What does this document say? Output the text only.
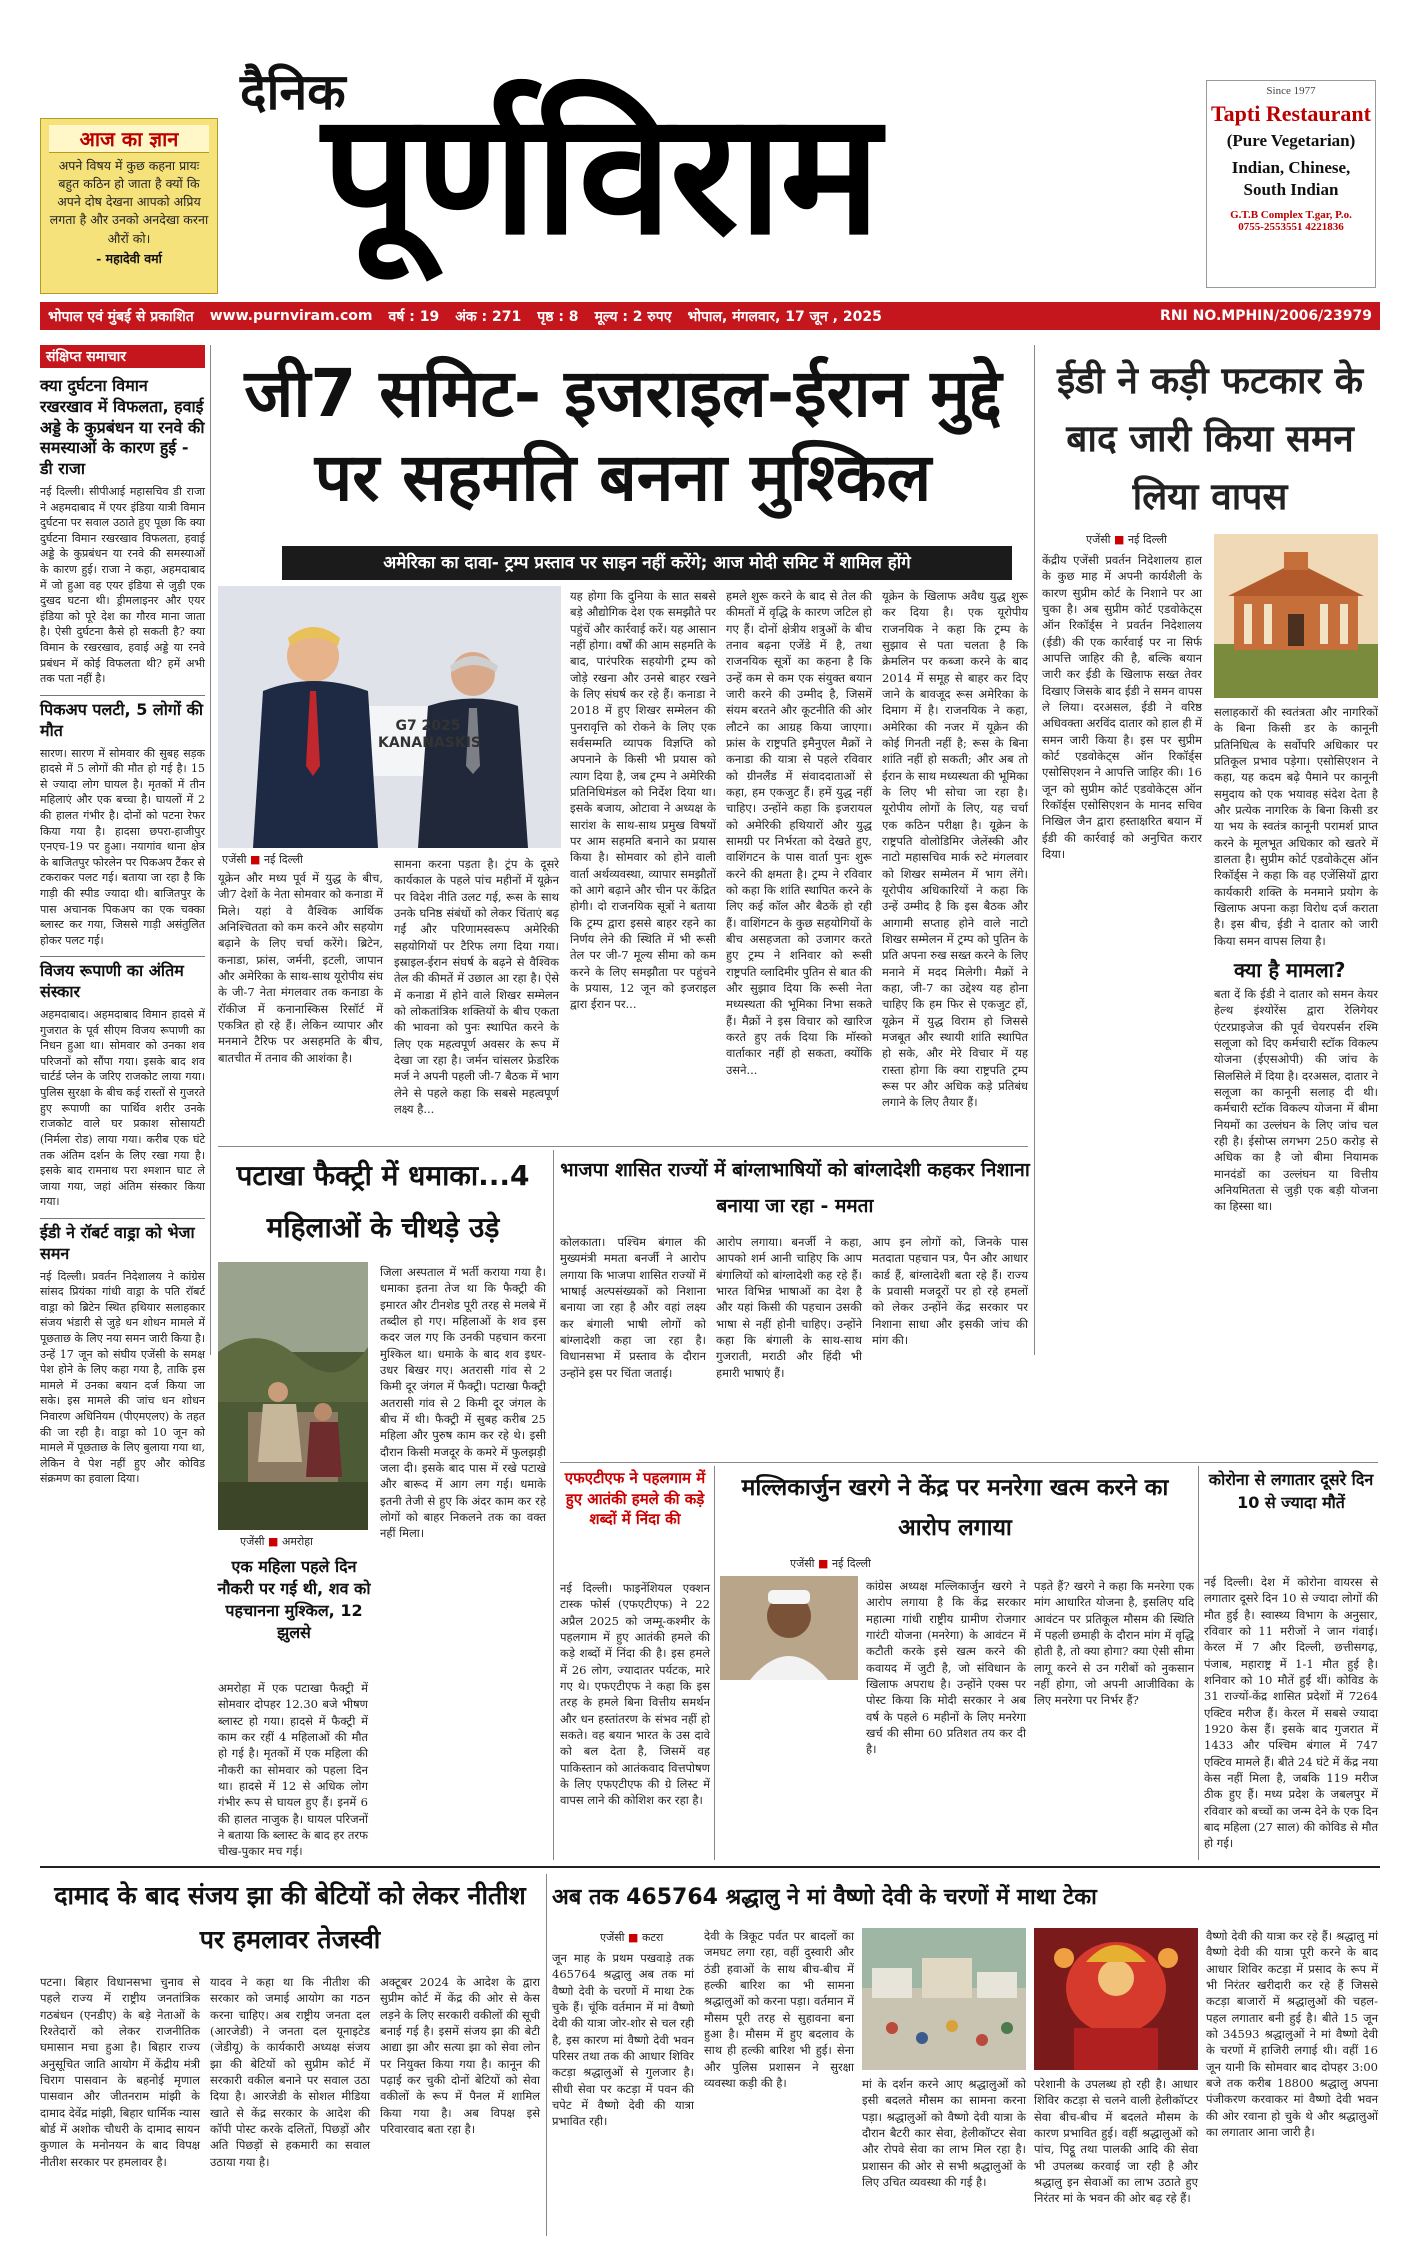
आज का ज्ञान
अपने विषय में कुछ कहना प्रायः बहुत कठिन हो जाता है क्यों कि अपने दोष देखना आपको अप्रिय लगता है और उनको अनदेखा करना औरों को।
- महादेवी वर्मा
दैनिक
पूर्णविराम	Since 1977
Tapti Restaurant
(Pure Vegetarian)
Indian, Chinese, South Indian
G.T.B Complex T.gar, P.o.
0755-2553551 4221836
भोपाल एवं मुंबई से प्रकाशित www.purnviram.com वर्ष : 19 अंक : 271 पृष्ठ : 8 मूल्य : 2 रुपए भोपाल, मंगलवार, 17 जून , 2025	RNI NO.MPHIN/2006/23979
संक्षिप्त समाचार
क्या दुर्घटना विमान रखरखाव में विफलता, हवाई अड्डे के कुप्रबंधन या रनवे की समस्याओं के कारण हुई - डी राजा
नई दिल्ली। सीपीआई महासचिव डी राजा ने अहमदाबाद में एयर इंडिया यात्री विमान दुर्घटना पर सवाल उठाते हुए पूछा कि क्या दुर्घटना विमान रखरखाव विफलता, हवाई अड्डे के कुप्रबंधन या रनवे की समस्याओं के कारण हुई। राजा ने कहा, अहमदाबाद में जो हुआ वह एयर इंडिया से जुड़ी एक दुखद घटना थी। ड्रीमलाइनर और एयर इंडिया को पूरे देश का गौरव माना जाता है। ऐसी दुर्घटना कैसे हो सकती है? क्या विमान के रखरखाव, हवाई अड्डे या रनवे प्रबंधन में कोई विफलता थी? हमें अभी तक पता नहीं है।
पिकअप पलटी, 5 लोगों की मौत
सारण। सारण में सोमवार की सुबह सड़क हादसे में 5 लोगों की मौत हो गई है। 15 से ज्यादा लोग घायल है। मृतकों में तीन महिलाएं और एक बच्चा है। घायलों में 2 की हालत गंभीर है। दोनों को पटना रेफर किया गया है। हादसा छपरा-हाजीपुर एनएच-19 पर हुआ। नयागांव थाना क्षेत्र के बाजितपुर फोरलेन पर पिकअप टैंकर से टकराकर पलट गई। बताया जा रहा है कि गाड़ी की स्पीड ज्यादा थी। बाजितपुर के पास अचानक पिकअप का एक चक्का ब्लास्ट कर गया, जिससे गाड़ी असंतुलित होकर पलट गई।
विजय रूपाणी का अंतिम संस्कार
अहमदाबाद। अहमदाबाद विमान हादसे में गुजरात के पूर्व सीएम विजय रूपाणी का निधन हुआ था। सोमवार को उनका शव परिजनों को सौंपा गया। इसके बाद शव चार्टर्ड प्लेन के जरिए राजकोट लाया गया। पुलिस सुरक्षा के बीच कई रास्तों से गुजरते हुए रूपाणी का पार्थिव शरीर उनके राजकोट वाले घर प्रकाश सोसायटी (निर्मला रोड) लाया गया। करीब एक घंटे तक अंतिम दर्शन के लिए रखा गया है। इसके बाद रामनाथ परा श्मशान घाट ले जाया गया, जहां अंतिम संस्कार किया गया।
ईडी ने रॉबर्ट वाड्रा को भेजा समन
नई दिल्ली। प्रवर्तन निदेशालय ने कांग्रेस सांसद प्रियंका गांधी वाड्रा के पति रॉबर्ट वाड्रा को ब्रिटेन स्थित हथियार सलाहकार संजय भंडारी से जुड़े धन शोधन मामले में पूछताछ के लिए नया समन जारी किया है। उन्हें 17 जून को संघीय एजेंसी के समक्ष पेश होने के लिए कहा गया है, ताकि इस मामले में उनका बयान दर्ज किया जा सके। इस मामले की जांच धन शोधन निवारण अधिनियम (पीएमएलए) के तहत की जा रही है। वाड्रा को 10 जून को मामले में पूछताछ के लिए बुलाया गया था, लेकिन वे पेश नहीं हुए और कोविड संक्रमण का हवाला दिया।
जी7 समिट- इजराइल-ईरान मुद्दे पर सहमति बनना मुश्किल
अमेरिका का दावा- ट्रम्प प्रस्ताव पर साइन नहीं करेंगे; आज मोदी समिट में शामिल होंगे
G7 2025 KANANASKIS
एजेंसी ■ नई दिल्ली
यूक्रेन और मध्य पूर्व में युद्ध के बीच, जी7 देशों के नेता सोमवार को कनाडा में मिले। यहां वे वैश्विक आर्थिक अनिश्चितता को कम करने और सहयोग बढ़ाने के लिए चर्चा करेंगे। ब्रिटेन, कनाडा, फ्रांस, जर्मनी, इटली, जापान और अमेरिका के साथ-साथ यूरोपीय संघ के जी-7 नेता मंगलवार तक कनाडा के रॉकीज में कनानास्किस रिसॉर्ट में एकत्रित हो रहे हैं। लेकिन व्यापार और मनमाने टैरिफ पर असहमति के बीच, बातचीत में तनाव की आशंका है।
सामना करना पड़ता है। ट्रंप के दूसरे कार्यकाल के पहले पांच महीनों में यूक्रेन पर विदेश नीति उलट गई, रूस के साथ उनके घनिष्ठ संबंधों को लेकर चिंताएं बढ़ गईं और परिणामस्वरूप अमेरिकी सहयोगियों पर टैरिफ लगा दिया गया। इस्राइल-ईरान संघर्ष के बढ़ने से वैश्विक तेल की कीमतें में उछाल आ रहा है। ऐसे में कनाडा में होने वाले शिखर सम्मेलन को लोकतांत्रिक शक्तियों के बीच एकता की भावना को पुनः स्थापित करने के लिए एक महत्वपूर्ण अवसर के रूप में देखा जा रहा है। जर्मन चांसलर फ्रेडरिक मर्ज ने अपनी पहली जी-7 बैठक में भाग लेने से पहले कहा कि सबसे महत्वपूर्ण लक्ष्य है...
यह होगा कि दुनिया के सात सबसे बड़े औद्योगिक देश एक समझौते पर पहुंचें और कार्रवाई करें। यह आसान नहीं होगा। वर्षों की आम सहमति के बाद, पारंपरिक सहयोगी ट्रम्प को जोड़े रखना और उनसे बाहर रखने के लिए संघर्ष कर रहे हैं। कनाडा ने 2018 में हुए शिखर सम्मेलन की पुनरावृत्ति को रोकने के लिए एक सर्वसम्मति व्यापक विज्ञप्ति को अपनाने के किसी भी प्रयास को त्याग दिया है, जब ट्रम्प ने अमेरिकी प्रतिनिधिमंडल को निर्देश दिया था। इसके बजाय, ओटावा ने अध्यक्ष के सारांश के साथ-साथ प्रमुख विषयों पर आम सहमति बनाने का प्रयास किया है। सोमवार को होने वाली वार्ता अर्थव्यवस्था, व्यापार समझौतों को आगे बढ़ाने और चीन पर केंद्रित होगी। दो राजनयिक सूत्रों ने बताया कि ट्रम्प द्वारा इससे बाहर रहने का निर्णय लेने की स्थिति में भी रूसी तेल पर जी-7 मूल्य सीमा को कम करने के लिए समझौता पर पहुंचने के प्रयास, 12 जून को इजराइल द्वारा ईरान पर...
हमले शुरू करने के बाद से तेल की कीमतों में वृद्धि के कारण जटिल हो गए हैं। दोनों क्षेत्रीय शत्रुओं के बीच तनाव बढ़ना एजेंडे में है, तथा राजनयिक सूत्रों का कहना है कि उन्हें कम से कम एक संयुक्त बयान जारी करने की उम्मीद है, जिसमें संयम बरतने और कूटनीति की ओर लौटने का आग्रह किया जाएगा। फ्रांस के राष्ट्रपति इमैनुएल मैक्रों ने कनाडा की यात्रा से पहले रविवार को ग्रीनलैंड में संवाददाताओं से कहा, हम एकजुट हैं। हमें युद्ध नहीं चाहिए। उन्होंने कहा कि इजरायल को अमेरिकी हथियारों और युद्ध सामग्री पर निर्भरता को देखते हुए, वाशिंगटन के पास वार्ता पुनः शुरू करने की क्षमता है। ट्रम्प ने रविवार को कहा कि शांति स्थापित करने के लिए कई कॉल और बैठकें हो रही हैं। वाशिंगटन के कुछ सहयोगियों के बीच असहजता को उजागर करते हुए ट्रम्प ने शनिवार को रूसी राष्ट्रपति व्लादिमीर पुतिन से बात की और सुझाव दिया कि रूसी नेता मध्यस्थता की भूमिका निभा सकते हैं। मैक्रों ने इस विचार को खारिज करते हुए तर्क दिया कि मॉस्को वार्ताकार नहीं हो सकता, क्योंकि उसने...
यूक्रेन के खिलाफ अवैध युद्ध शुरू कर दिया है। एक यूरोपीय राजनयिक ने कहा कि ट्रम्प के सुझाव से पता चलता है कि क्रेमलिन पर कब्जा करने के बाद 2014 में समूह से बाहर कर दिए जाने के बावजूद रूस अमेरिका के दिमाग में है। राजनयिक ने कहा, अमेरिका की नजर में यूक्रेन की कोई गिनती नहीं है; रूस के बिना शांति नहीं हो सकती; और अब तो ईरान के साथ मध्यस्थता की भूमिका के लिए भी सोचा जा रहा है। यूरोपीय लोगों के लिए, यह चर्चा एक कठिन परीक्षा है। यूक्रेन के राष्ट्रपति वोलोडिमिर जेलेंस्की और नाटो महासचिव मार्क रुटे मंगलवार को शिखर सम्मेलन में भाग लेंगे। यूरोपीय अधिकारियों ने कहा कि उन्हें उम्मीद है कि इस बैठक और आगामी सप्ताह होने वाले नाटो शिखर सम्मेलन में ट्रम्प को पुतिन के प्रति अपना रुख सख्त करने के लिए मनाने में मदद मिलेगी। मैक्रों ने कहा, जी-7 का उद्देश्य यह होना चाहिए कि हम फिर से एकजुट हों, यूक्रेन में युद्ध विराम हो जिससे मजबूत और स्थायी शांति स्थापित हो सके, और मेरे विचार में यह रास्ता होगा कि क्या राष्ट्रपति ट्रम्प रूस पर और अधिक कड़े प्रतिबंध लगाने के लिए तैयार हैं।
ईडी ने कड़ी फटकार के बाद जारी किया समन लिया वापस
एजेंसी ■ नई दिल्ली
केंद्रीय एजेंसी प्रवर्तन निदेशालय हाल के कुछ माह में अपनी कार्यशैली के कारण सुप्रीम कोर्ट के निशाने पर आ चुका है। अब सुप्रीम कोर्ट एडवोकेट्स ऑन रिकॉर्ड्स ने प्रवर्तन निदेशालय (ईडी) की एक कार्रवाई पर ना सिर्फ आपत्ति जाहिर की है, बल्कि बयान जारी कर ईडी के खिलाफ सख्त तेवर दिखाए जिसके बाद ईडी ने समन वापस ले लिया। दरअसल, ईडी ने वरिष्ठ अधिवक्ता अरविंद दातार को हाल ही में समन जारी किया है। इस पर सुप्रीम कोर्ट एडवोकेट्स ऑन रिकॉर्ड्स एसोसिएशन ने आपत्ति जाहिर की। 16 जून को सुप्रीम कोर्ट एडवोकेट्स ऑन रिकॉर्ड्स एसोसिएशन के मानद सचिव निखिल जैन द्वारा हस्ताक्षरित बयान में ईडी की कार्रवाई को अनुचित करार दिया।
सलाहकारों की स्वतंत्रता और नागरिकों के बिना किसी डर के कानूनी प्रतिनिधित्व के सर्वोपरि अधिकार पर प्रतिकूल प्रभाव पड़ेगा। एसोसिएशन ने कहा, यह कदम बढ़े पैमाने पर कानूनी समुदाय को एक भयावह संदेश देता है और प्रत्येक नागरिक के बिना किसी डर या भय के स्वतंत्र कानूनी परामर्श प्राप्त करने के मूलभूत अधिकार को खतरे में डालता है। सुप्रीम कोर्ट एडवोकेट्स ऑन रिकॉर्ड्स ने कहा कि वह एजेंसियों द्वारा कार्यकारी शक्ति के मनमाने प्रयोग के खिलाफ अपना कड़ा विरोध दर्ज कराता है। इस बीच, ईडी ने दातार को जारी किया समन वापस लिया है।
क्या है मामला?
बता दें कि ईडी ने दातार को समन केयर हेल्थ इंश्योरेंस द्वारा रेलिगेयर एंटरप्राइजेज की पूर्व चेयरपर्सन रश्मि सलूजा को दिए कर्मचारी स्टॉक विकल्प योजना (ईएसओपी) की जांच के सिलसिले में दिया है। दरअसल, दातार ने सलूजा का कानूनी सलाह दी थी। कर्मचारी स्टॉक विकल्प योजना में बीमा नियमों का उल्लंघन के लिए जांच चल रही है। ईसोप्स लगभग 250 करोड़ से अधिक का है जो बीमा नियामक मानदंडों का उल्लंघन या वित्तीय अनियमितता से जुड़ी एक बड़ी योजना का हिस्सा था।
पटाखा फैक्ट्री में धमाका...4 महिलाओं के चीथड़े उड़े
एजेंसी ■ अमरोहा
एक महिला पहले दिन नौकरी पर गई थी, शव को पहचानना मुश्किल, 12 झुलसे
अमरोहा में एक पटाखा फैक्ट्री में सोमवार दोपहर 12.30 बजे भीषण ब्लास्ट हो गया। हादसे में फैक्ट्री में काम कर रहीं 4 महिलाओं की मौत हो गई है। मृतकों में एक महिला की नौकरी का सोमवार को पहला दिन था। हादसे में 12 से अधिक लोग गंभीर रूप से घायल हुए हैं। इनमें 6 की हालत नाजुक है। घायल परिजनों ने बताया कि ब्लास्ट के बाद हर तरफ चीख-पुकार मच गई।
जिला अस्पताल में भर्ती कराया गया है। धमाका इतना तेज था कि फैक्ट्री की इमारत और टीनशेड पूरी तरह से मलबे में तब्दील हो गए। महिलाओं के शव इस कदर जल गए कि उनकी पहचान करना मुश्किल था। धमाके के बाद शव इधर-उधर बिखर गए। अतरासी गांव से 2 किमी दूर जंगल में फैक्ट्री। पटाखा फैक्ट्री अतरासी गांव से 2 किमी दूर जंगल के बीच में थी। फैक्ट्री में सुबह करीब 25 महिला और पुरुष काम कर रहे थे। इसी दौरान किसी मजदूर के कमरे में फुलझड़ी जला दी। इसके बाद पास में रखे पटाखे और बारूद में आग लग गई। धमाके इतनी तेजी से हुए कि अंदर काम कर रहे लोगों को बाहर निकलने तक का वक्त नहीं मिला।
भाजपा शासित राज्यों में बांग्लाभाषियों को बांग्लादेशी कहकर निशाना बनाया जा रहा - ममता
कोलकाता। पश्चिम बंगाल की मुख्यमंत्री ममता बनर्जी ने आरोप लगाया कि भाजपा शासित राज्यों में भाषाई अल्पसंख्यकों को निशाना बनाया जा रहा है और वहां लक्ष्य कर बंगाली भाषी लोगों को बांग्लादेशी कहा जा रहा है। विधानसभा में प्रस्ताव के दौरान उन्होंने इस पर चिंता जताई।
आरोप लगाया। बनर्जी ने कहा, आपको शर्म आनी चाहिए कि आप बंगालियों को बांग्लादेशी कह रहे हैं। भारत विभिन्न भाषाओं का देश है और यहां किसी की पहचान उसकी भाषा से नहीं होनी चाहिए। उन्होंने कहा कि बंगाली के साथ-साथ गुजराती, मराठी और हिंदी भी हमारी भाषाएं हैं।
आप इन लोगों को, जिनके पास मतदाता पहचान पत्र, पैन और आधार कार्ड हैं, बांग्लादेशी बता रहे हैं। राज्य के प्रवासी मजदूरों पर हो रहे हमलों को लेकर उन्होंने केंद्र सरकार पर निशाना साधा और इसकी जांच की मांग की।
एफएटीएफ ने पहलगाम में हुए आतंकी हमले की कड़े शब्दों में निंदा की
नई दिल्ली। फाइनेंशियल एक्शन टास्क फोर्स (एफएटीएफ) ने 22 अप्रैल 2025 को जम्मू-कश्मीर के पहलगाम में हुए आतंकी हमले की कड़े शब्दों में निंदा की है। इस हमले में 26 लोग, ज्यादातर पर्यटक, मारे गए थे। एफएटीएफ ने कहा कि इस तरह के हमले बिना वित्तीय समर्थन और धन हस्तांतरण के संभव नहीं हो सकते। वह बयान भारत के उस दावे को बल देता है, जिसमें वह पाकिस्तान को आतंकवाद वित्तपोषण के लिए एफएटीएफ की ग्रे लिस्ट में वापस लाने की कोशिश कर रहा है।
मल्लिकार्जुन खरगे ने केंद्र पर मनरेगा खत्म करने का आरोप लगाया
एजेंसी ■ नई दिल्ली
कांग्रेस अध्यक्ष मल्लिकार्जुन खरगे ने आरोप लगाया है कि केंद्र सरकार महात्मा गांधी राष्ट्रीय ग्रामीण रोजगार गारंटी योजना (मनरेगा) के आवंटन में कटौती करके इसे खत्म करने की कवायद में जुटी है, जो संविधान के खिलाफ अपराध है। उन्होंने एक्स पर पोस्ट किया कि मोदी सरकार ने अब वर्ष के पहले 6 महीनों के लिए मनरेगा खर्च की सीमा 60 प्रतिशत तय कर दी है।
पड़ते हैं? खरगे ने कहा कि मनरेगा एक मांग आधारित योजना है, इसलिए यदि आवंटन पर प्रतिकूल मौसम की स्थिति में पहली छमाही के दौरान मांग में वृद्धि होती है, तो क्या होगा? क्या ऐसी सीमा लागू करने से उन गरीबों को नुकसान नहीं होगा, जो अपनी आजीविका के लिए मनरेगा पर निर्भर हैं?
कोरोना से लगातार दूसरे दिन 10 से ज्यादा मौतें
नई दिल्ली। देश में कोरोना वायरस से लगातार दूसरे दिन 10 से ज्यादा लोगों की मौत हुई है। स्वास्थ्य विभाग के अनुसार, रविवार को 11 मरीजों ने जान गंवाई। केरल में 7 और दिल्ली, छत्तीसगढ़, पंजाब, महाराष्ट्र में 1-1 मौत हुई है। शनिवार को 10 मौतें हुईं थीं। कोविड के 31 राज्यों-केंद्र शासित प्रदेशों में 7264 एक्टिव मरीज हैं। केरल में सबसे ज्यादा 1920 केस हैं। इसके बाद गुजरात में 1433 और पश्चिम बंगाल में 747 एक्टिव मामले हैं। बीते 24 घंटे में केंद्र नया केस नहीं मिला है, जबकि 119 मरीज ठीक हुए हैं। मध्य प्रदेश के जबलपुर में रविवार को बच्चों का जन्म देने के एक दिन बाद महिला (27 साल) की कोविड से मौत हो गई।
दामाद के बाद संजय झा की बेटियों को लेकर नीतीश पर हमलावर तेजस्वी
पटना। बिहार विधानसभा चुनाव से पहले राज्य में राष्ट्रीय जनतांत्रिक गठबंधन (एनडीए) के बड़े नेताओं के रिश्तेदारों को लेकर राजनीतिक घमासान मचा हुआ है। बिहार राज्य अनुसूचित जाति आयोग में केंद्रीय मंत्री चिराग पासवान के बहनोई मृणाल पासवान और जीतनराम मांझी के दामाद देवेंद्र मांझी, बिहार धार्मिक न्यास बोर्ड में अशोक चौधरी के दामाद सायन कुणाल के मनोनयन के बाद विपक्ष नीतीश सरकार पर हमलावर है।
यादव ने कहा था कि नीतीश की सरकार को जमाई आयोग का गठन करना चाहिए। अब राष्ट्रीय जनता दल (आरजेडी) ने जनता दल यूनाइटेड (जेडीयू) के कार्यकारी अध्यक्ष संजय झा की बेटियों को सुप्रीम कोर्ट में सरकारी वकील बनाने पर सवाल उठा दिया है। आरजेडी के सोशल मीडिया खाते से केंद्र सरकार के आदेश की कॉपी पोस्ट करके दलितों, पिछड़ों और अति पिछड़ों से हकमारी का सवाल उठाया गया है।
अक्टूबर 2024 के आदेश के द्वारा सुप्रीम कोर्ट में केंद्र की ओर से केस लड़ने के लिए सरकारी वकीलों की सूची बनाई गई है। इसमें संजय झा की बेटी आद्या झा और सत्या झा को सेवा लोन पर नियुक्त किया गया है। कानून की पढ़ाई कर चुकी दोनों बेटियों को सेवा वकीलों के रूप में पैनल में शामिल किया गया है। अब विपक्ष इसे परिवारवाद बता रहा है।
अब तक 465764 श्रद्धालु ने मां वैष्णो देवी के चरणों में माथा टेका
एजेंसी ■ कटरा
जून माह के प्रथम पखवाड़े तक 465764 श्रद्धालु अब तक मां वैष्णो देवी के चरणों में माथा टेक चुके हैं। चूंकि वर्तमान में मां वैष्णो देवी की यात्रा जोर-शोर से चल रही है, इस कारण मां वैष्णो देवी भवन परिसर तथा तक की आधार शिविर कटड़ा श्रद्धालुओं से गुलजार है। सीधी सेवा पर कटड़ा में पवन की चपेट में वैष्णो देवी की यात्रा प्रभावित रही।
देवी के त्रिकूट पर्वत पर बादलों का जमघट लगा रहा, वहीं दुस्वारी और ठंडी हवाओं के साथ बीच-बीच में हल्की बारिश का भी सामना श्रद्धालुओं को करना पड़ा। वर्तमान में मौसम पूरी तरह से सुहावना बना हुआ है। मौसम में हुए बदलाव के साथ ही हल्की बारिश भी हुई। सेना और पुलिस प्रशासन ने सुरक्षा व्यवस्था कड़ी की है।	मां के दर्शन करने आए श्रद्धालुओं को इसी बदलते मौसम का सामना करना पड़ा। श्रद्धालुओं को वैष्णो देवी यात्रा के दौरान बैटरी कार सेवा, हेलीकॉप्टर सेवा और रोपवे सेवा का लाभ मिल रहा है। प्रशासन की ओर से सभी श्रद्धालुओं के लिए उचित व्यवस्था की गई है।
परेशानी के उपलब्ध हो रही है। आधार शिविर कटड़ा से चलने वाली हेलीकॉप्टर सेवा बीच-बीच में बदलते मौसम के कारण प्रभावित हुई। वहीं श्रद्धालुओं को पांच, पिट्ठू तथा पालकी आदि की सेवा भी उपलब्ध करवाई जा रही है और श्रद्धालु इन सेवाओं का लाभ उठाते हुए निरंतर मां के भवन की ओर बढ़ रहे हैं।
वैष्णो देवी की यात्रा कर रहे हैं। श्रद्धालु मां वैष्णो देवी की यात्रा पूरी करने के बाद आधार शिविर कटड़ा में प्रसाद के रूप में भी निरंतर खरीदारी कर रहे हैं जिससे कटड़ा बाजारों में श्रद्धालुओं की चहल-पहल लगातार बनी हुई है। बीते 15 जून को 34593 श्रद्धालुओं ने मां वैष्णो देवी के चरणों में हाजिरी लगाई थी। वहीं 16 जून यानी कि सोमवार बाद दोपहर 3:00 बजे तक करीब 18800 श्रद्धालु अपना पंजीकरण करवाकर मां वैष्णो देवी भवन की ओर रवाना हो चुके थे और श्रद्धालुओं का लगातार आना जारी है।
